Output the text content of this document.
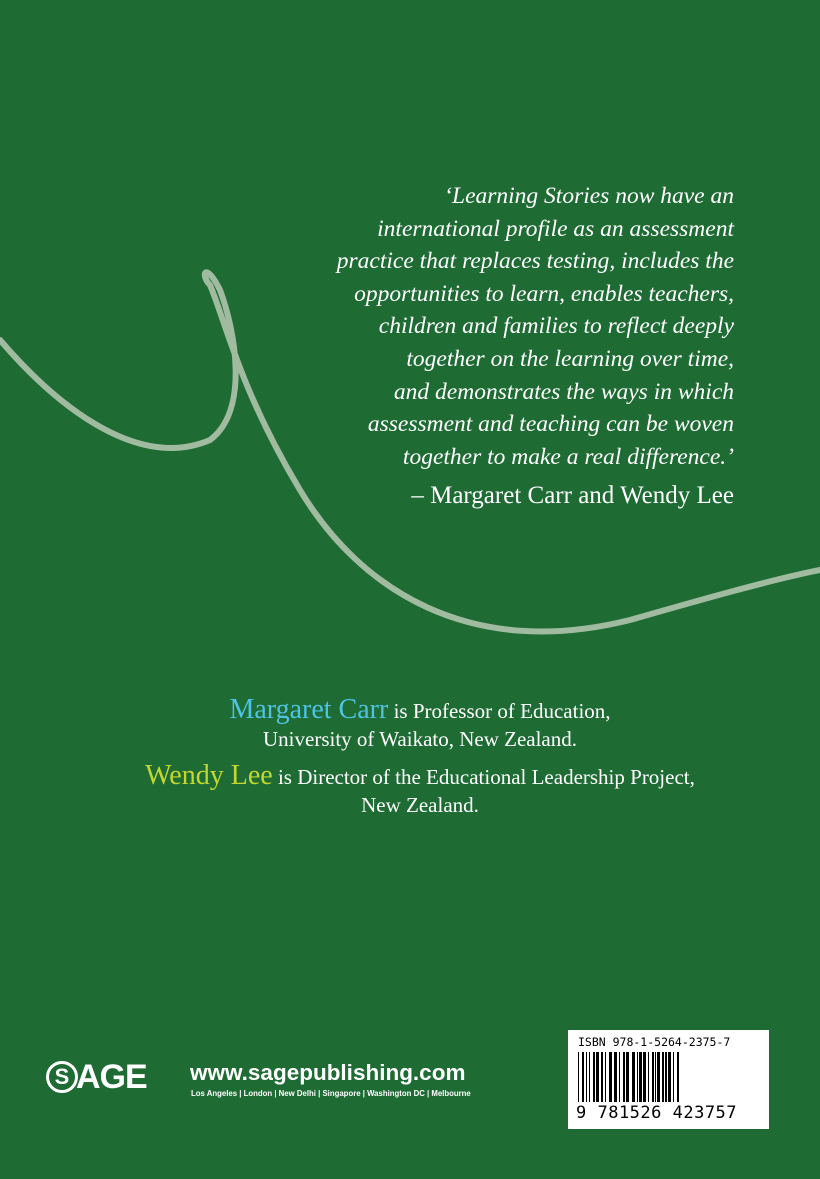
‘Learning Stories now have an
international profile as an assessment
practice that replaces testing, includes the
opportunities to learn, enables teachers,
children and families to reflect deeply
together on the learning over time,
and demonstrates the ways in which
assessment and teaching can be woven
together to make a real difference.’
– Margaret Carr and Wendy Lee
Margaret Carr is Professor of Education,
University of Waikato, New Zealand.
Wendy Lee is Director of the Educational Leadership Project,
New Zealand.
S AGE www.sagepublishing.com
Los Angeles | London | New Delhi | Singapore | Washington DC | Melbourne
ISBN 978-1-5264-2375-7
9 781526 423757
